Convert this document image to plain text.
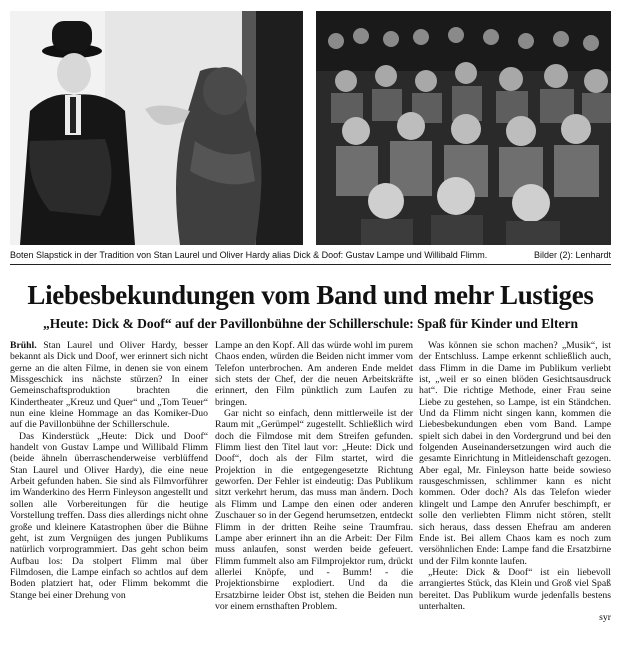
Boten Slapstick in der Tradition von Stan Laurel und Oliver Hardy alias Dick & Doof: Gustav Lampe und Willibald Flimm.	Bilder (2): Lenhardt
Liebesbekundungen vom Band und mehr Lustiges
„Heute: Dick & Doof“ auf der Pavillonbühne der Schillerschule: Spaß für Kinder und Eltern

Brühl. Stan Laurel und Oliver Hardy, besser bekannt als Dick und Doof, wer erinnert sich nicht gerne an die alten Filme, in denen sie von einem Missgeschick ins nächste stürzen? In einer Gemeinschaftsproduktion brachten die Kindertheater „Kreuz und Quer“ und „Tom Teuer“ nun eine kleine Hommage an das Komiker-Duo auf die Pavillonbühne der Schillerschule.

Das Kinderstück „Heute: Dick und Doof“ handelt von Gustav Lampe und Willibald Flimm (beide ähneln überraschenderweise verblüffend Stan Laurel und Oliver Hardy), die eine neue Arbeit gefunden haben. Sie sind als Filmvorführer im Wanderkino des Herrn Finleyson angestellt und sollen alle Vorbereitungen für die heutige Vorstellung treffen. Dass dies allerdings nicht ohne große und kleinere Katastrophen über die Bühne geht, ist zum Vergnügen des jungen Publikums natürlich vorprogrammiert. Das geht schon beim Aufbau los: Da stolpert Flimm mal über Filmdosen, die Lampe einfach so achtlos auf dem Boden platziert hat, oder Flimm bekommt die Stange bei einer Drehung von

Lampe an den Kopf. All das würde wohl im purem Chaos enden, würden die Beiden nicht immer vom Telefon unterbrochen. Am anderen Ende meldet sich stets der Chef, der die neuen Arbeitskräfte erinnert, den Film pünktlich zum Laufen zu bringen.

Gar nicht so einfach, denn mittlerweile ist der Raum mit „Gerümpel“ zugestellt. Schließlich wird doch die Filmdose mit dem Streifen gefunden. Flimm liest den Titel laut vor: „Heute: Dick und Doof“, doch als der Film startet, wird die Projektion in die entgegengesetzte Richtung geworfen. Der Fehler ist eindeutig: Das Publikum sitzt verkehrt herum, das muss man ändern. Doch als Flimm und Lampe den einen oder anderen Zuschauer so in der Gegend herumsetzen, entdeckt Flimm in der dritten Reihe seine Traumfrau. Lampe aber erinnert ihn an die Arbeit: Der Film muss anlaufen, sonst werden beide gefeuert. Flimm fummelt also am Filmprojektor rum, drückt allerlei Knöpfe, und - Bumm! - die Projektionsbirne explodiert. Und da die Ersatzbirne leider Obst ist, stehen die Beiden nun vor einem ernsthaften Problem.

Was können sie schon machen? „Musik“, ist der Entschluss. Lampe erkennt schließlich auch, dass Flimm in die Dame im Publikum verliebt ist, „weil er so einen blöden Gesichtsausdruck hat“. Die richtige Methode, einer Frau seine Liebe zu gestehen, so Lampe, ist ein Ständchen. Und da Flimm nicht singen kann, kommen die Liebesbekundungen eben vom Band. Lampe spielt sich dabei in den Vordergrund und bei den folgenden Auseinandersetzungen wird auch die gesamte Einrichtung in Mitleidenschaft gezogen. Aber egal, Mr. Finleyson hatte beide sowieso rausgeschmissen, schlimmer kann es nicht kommen. Oder doch? Als das Telefon wieder klingelt und Lampe den Anrufer beschimpft, er solle den verliebten Flimm nicht stören, stellt sich heraus, dass dessen Ehefrau am anderen Ende ist. Bei allem Chaos kam es noch zum versöhnlichen Ende: Lampe fand die Ersatzbirne und der Film konnte laufen.

„Heute: Dick & Doof“ ist ein liebevoll arrangiertes Stück, das Klein und Groß viel Spaß bereitet. Das Publikum wurde jedenfalls bestens unterhalten.

syr
